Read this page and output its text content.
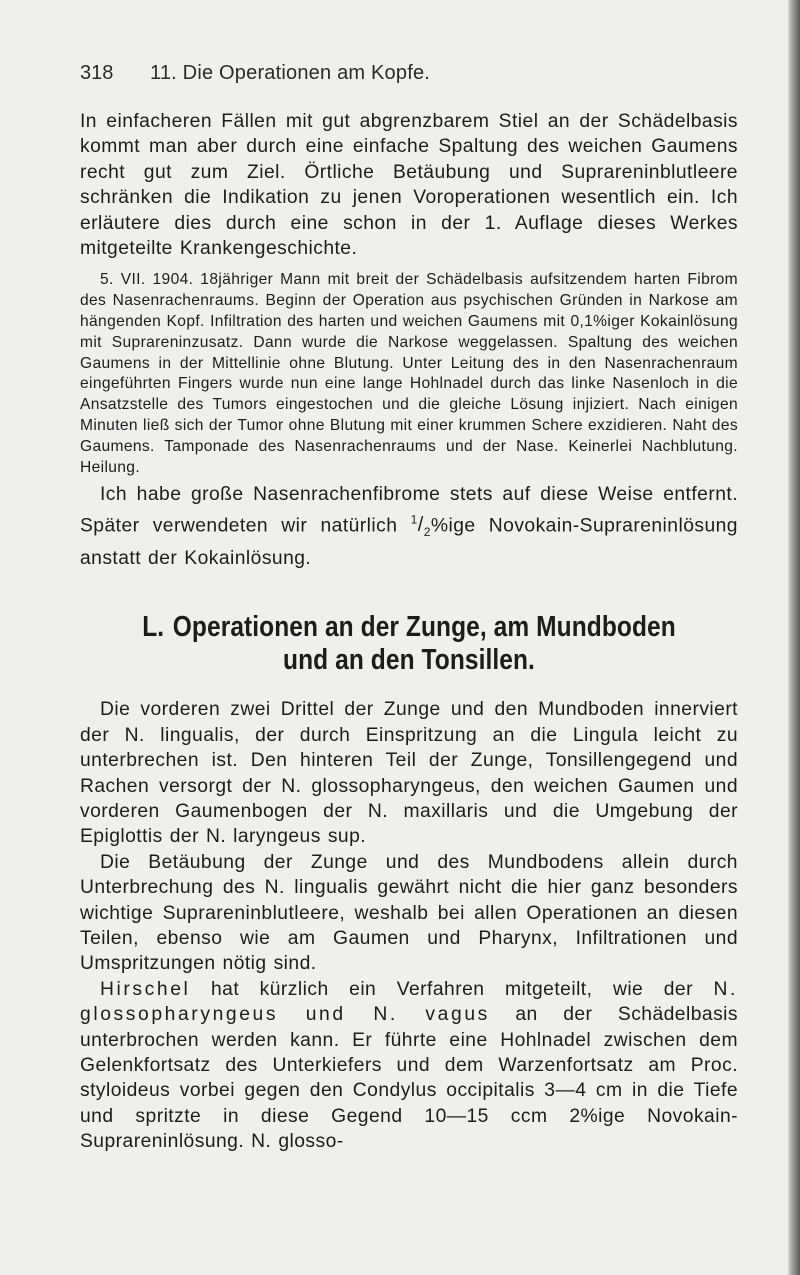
318	11. Die Operationen am Kopfe.

In einfacheren Fällen mit gut abgrenzbarem Stiel an der Schädelbasis kommt man aber durch eine einfache Spaltung des weichen Gaumens recht gut zum Ziel. Örtliche Betäubung und Suprareninblutleere schränken die Indikation zu jenen Voroperationen wesentlich ein. Ich erläutere dies durch eine schon in der 1. Auflage dieses Werkes mitgeteilte Krankengeschichte.

5. VII. 1904. 18jähriger Mann mit breit der Schädelbasis aufsitzendem harten Fibrom des Nasenrachenraums. Beginn der Operation aus psychischen Gründen in Narkose am hängenden Kopf. Infiltration des harten und weichen Gaumens mit 0,1%iger Kokainlösung mit Suprareninzusatz. Dann wurde die Narkose weggelassen. Spaltung des weichen Gaumens in der Mittellinie ohne Blutung. Unter Leitung des in den Nasenrachenraum eingeführten Fingers wurde nun eine lange Hohlnadel durch das linke Nasenloch in die Ansatzstelle des Tumors eingestochen und die gleiche Lösung injiziert. Nach einigen Minuten ließ sich der Tumor ohne Blutung mit einer krummen Schere exzidieren. Naht des Gaumens. Tamponade des Nasenrachenraums und der Nase. Keinerlei Nachblutung. Heilung.

Ich habe große Nasenrachenfibrome stets auf diese Weise entfernt. Später verwendeten wir natürlich $^1/_2\%ige$ Novokain-Suprareninlösung anstatt der Kokainlösung.

L. Operationen an der Zunge, am Mundboden und an den Tonsillen.

Die vorderen zwei Drittel der Zunge und den Mundboden innerviert der N. lingualis, der durch Einspritzung an die Lingula leicht zu unterbrechen ist. Den hinteren Teil der Zunge, Tonsillengegend und Rachen versorgt der N. glossopharyngeus, den weichen Gaumen und vorderen Gaumenbogen der N. maxillaris und die Umgebung der Epiglottis der N. laryngeus sup.

Die Betäubung der Zunge und des Mundbodens allein durch Unterbrechung des N. lingualis gewährt nicht die hier ganz besonders wichtige Suprareninblutleere, weshalb bei allen Operationen an diesen Teilen, ebenso wie am Gaumen und Pharynx, Infiltrationen und Umspritzungen nötig sind.

Hirschel hat kürzlich ein Verfahren mitgeteilt, wie der N. glossopharyngeus und N. vagus an der Schädelbasis unterbrochen werden kann. Er führte eine Hohlnadel zwischen dem Gelenkfortsatz des Unterkiefers und dem Warzenfortsatz am Proc. styloideus vorbei gegen den Condylus occipitalis 3—4 cm in die Tiefe und spritzte in diese Gegend 10—15 ccm 2%ige Novokain-Suprareninlösung. N. glosso-
